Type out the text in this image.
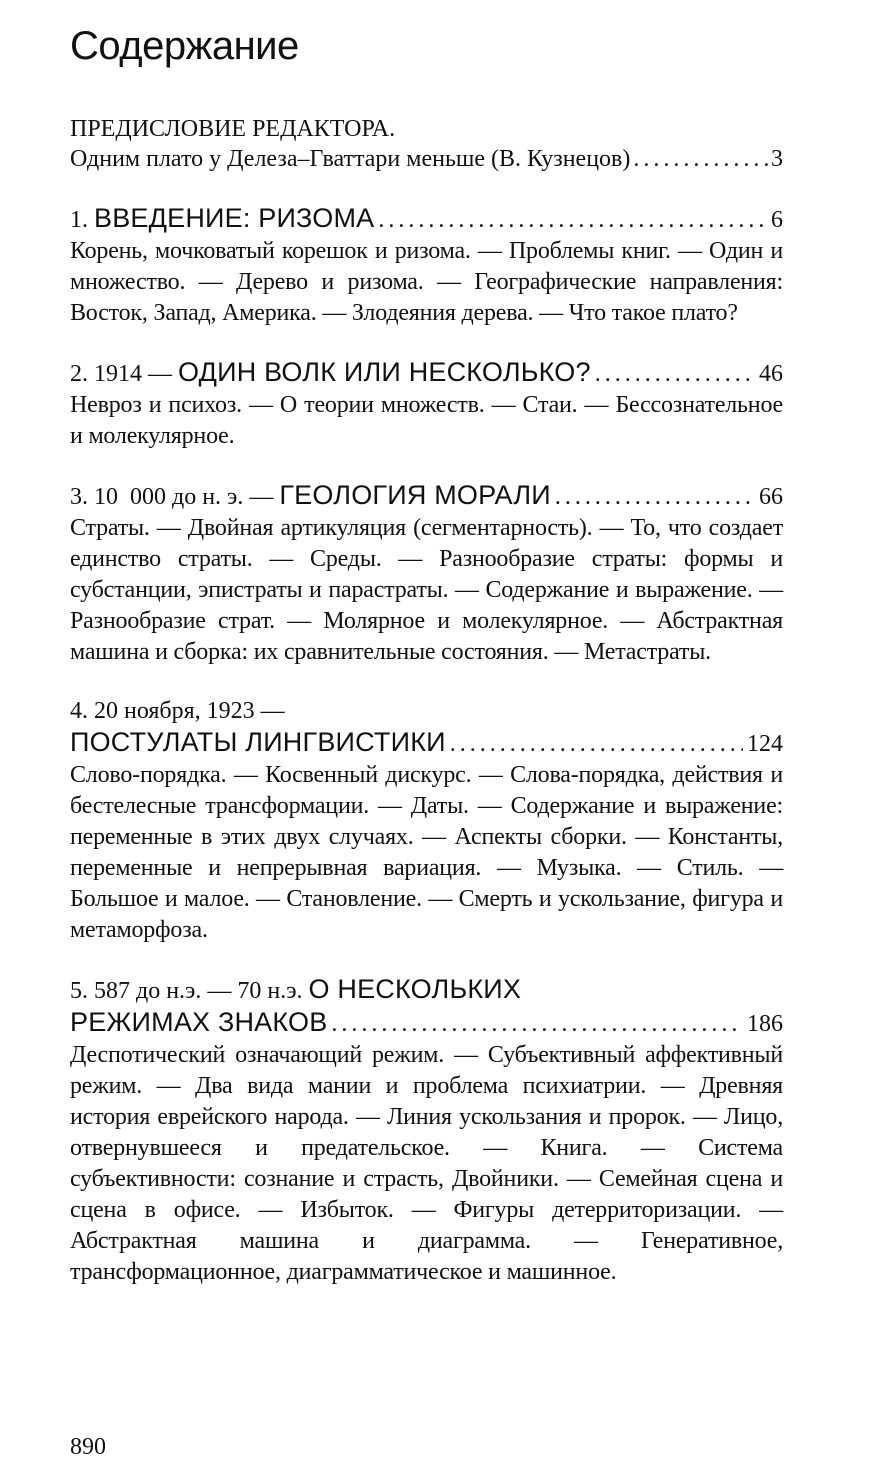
Содержание
ПРЕДИСЛОВИЕ РЕДАКТОРА.
Одним плато у Делеза–Гваттари меньше (В. Кузнецов) . . .	3
1. ВВЕДЕНИЕ: РИЗОМА . . .	6

Корень, мочковатый корешок и ризома. — Проблемы книг. — Один и множество. — Дерево и ризома. — Географические направления: Восток, Запад, Америка. — Злодеяния дерева. — Что такое плато?

2. 1914 — ОДИН ВОЛК ИЛИ НЕСКОЛЬКО? . . .	46

Невроз и психоз. — О теории множеств. — Стаи. — Бессознательное и молекулярное.

3. 10  000 до н. э. — ГЕОЛОГИЯ МОРАЛИ . . .	66

Страты. — Двойная артикуляция (сегментарность). — То, что создает единство страты. — Среды. — Разнообразие страты: формы и субстанции, эпистраты и парастраты. — Содержание и выражение. — Разнообразие страт. — Молярное и молекулярное. — Абстрактная машина и сборка: их сравнительные состояния. — Метастраты.

4. 20 ноября, 1923 —
ПОСТУЛАТЫ ЛИНГВИСТИКИ . . .	124

Слово-порядка. — Косвенный дискурс. — Слова-порядка, действия и бестелесные трансформации. — Даты. — Содержание и выражение: переменные в этих двух случаях. — Аспекты сборки. — Константы, переменные и непрерывная вариация. — Музыка. — Стиль. — Большое и малое. — Становление. — Смерть и ускользание, фигура и метаморфоза.

5. 587 до н.э. — 70 н.э. О НЕСКОЛЬКИХ
РЕЖИМАХ ЗНАКОВ . . .	186

Деспотический означающий режим. — Субъективный аффективный режим. — Два вида мании и проблема психиатрии. — Древняя история еврейского народа. — Линия ускользания и пророк. — Лицо, отвернувшееся и предательское. — Книга. — Система субъективности: сознание и страсть, Двойники. — Семейная сцена и сцена в офисе. — Избыток. — Фигуры детерриторизации. — Абстрактная машина и диаграмма. — Генеративное, трансформационное, диаграмматическое и машинное.

890
